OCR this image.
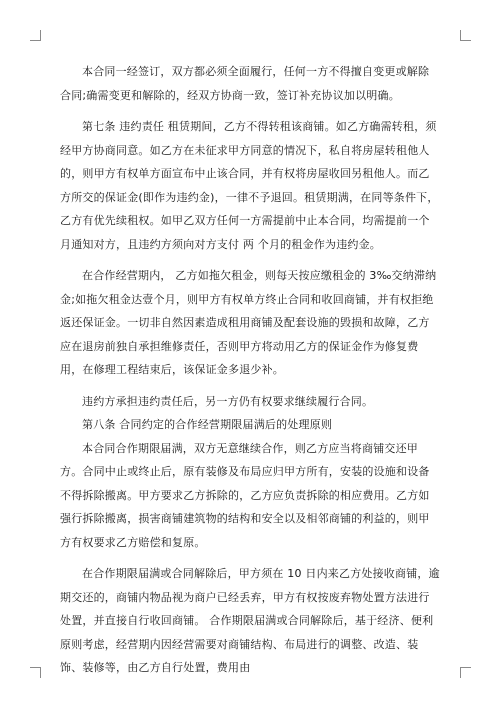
本合同一经签订，双方都必须全面履行，任何一方不得擅自变更或解除合同;确需变更和解除的，经双方协商一致，签订补充协议加以明确。

第七条 违约责任 租赁期间，乙方不得转租该商铺。如乙方确需转租，须经甲方协商同意。如乙方在未征求甲方同意的情况下，私自将房屋转租他人的，则甲方有权单方面宣布中止该合同，并有权将房屋收回另租他人。而乙方所交的保证金(即作为违约金)，一律不予退回。租赁期满，在同等条件下，乙方有优先续租权。如甲乙双方任何一方需提前中止本合同，均需提前一个月通知对方，且违约方须向对方支付 两 个月的租金作为违约金。

在合作经营期内， 乙方如拖欠租金，则每天按应缴租金的 3‰交纳滞纳金;如拖欠租金达壹个月，则甲方有权单方终止合同和收回商铺，并有权拒绝返还保证金。一切非自然因素造成租用商铺及配套设施的毁损和故障，乙方应在退房前独自承担维修责任，否则甲方将动用乙方的保证金作为修复费用，在修理工程结束后，该保证金多退少补。

违约方承担违约责任后，另一方仍有权要求继续履行合同。

第八条 合同约定的合作经营期限届满后的处理原则

本合同合作期限届满，双方无意继续合作，则乙方应当将商铺交还甲方。合同中止或终止后，原有装修及布局应归甲方所有，安装的设施和设备不得拆除搬离。甲方要求乙方拆除的，乙方应负责拆除的相应费用。乙方如强行拆除搬离，损害商铺建筑物的结构和安全以及相邻商铺的利益的，则甲方有权要求乙方赔偿和复原。

在合作期限届满或合同解除后，甲方须在 10 日内来乙方处接收商铺，逾期交还的，商铺内物品视为商户已经丢弃，甲方有权按废弃物处置方法进行处置，并直接自行收回商铺。 合作期限届满或合同解除后，基于经济、便利原则考虑，经营期内因经营需要对商铺结构、布局进行的调整、改造、装饰、装修等，由乙方自行处置，费用由
